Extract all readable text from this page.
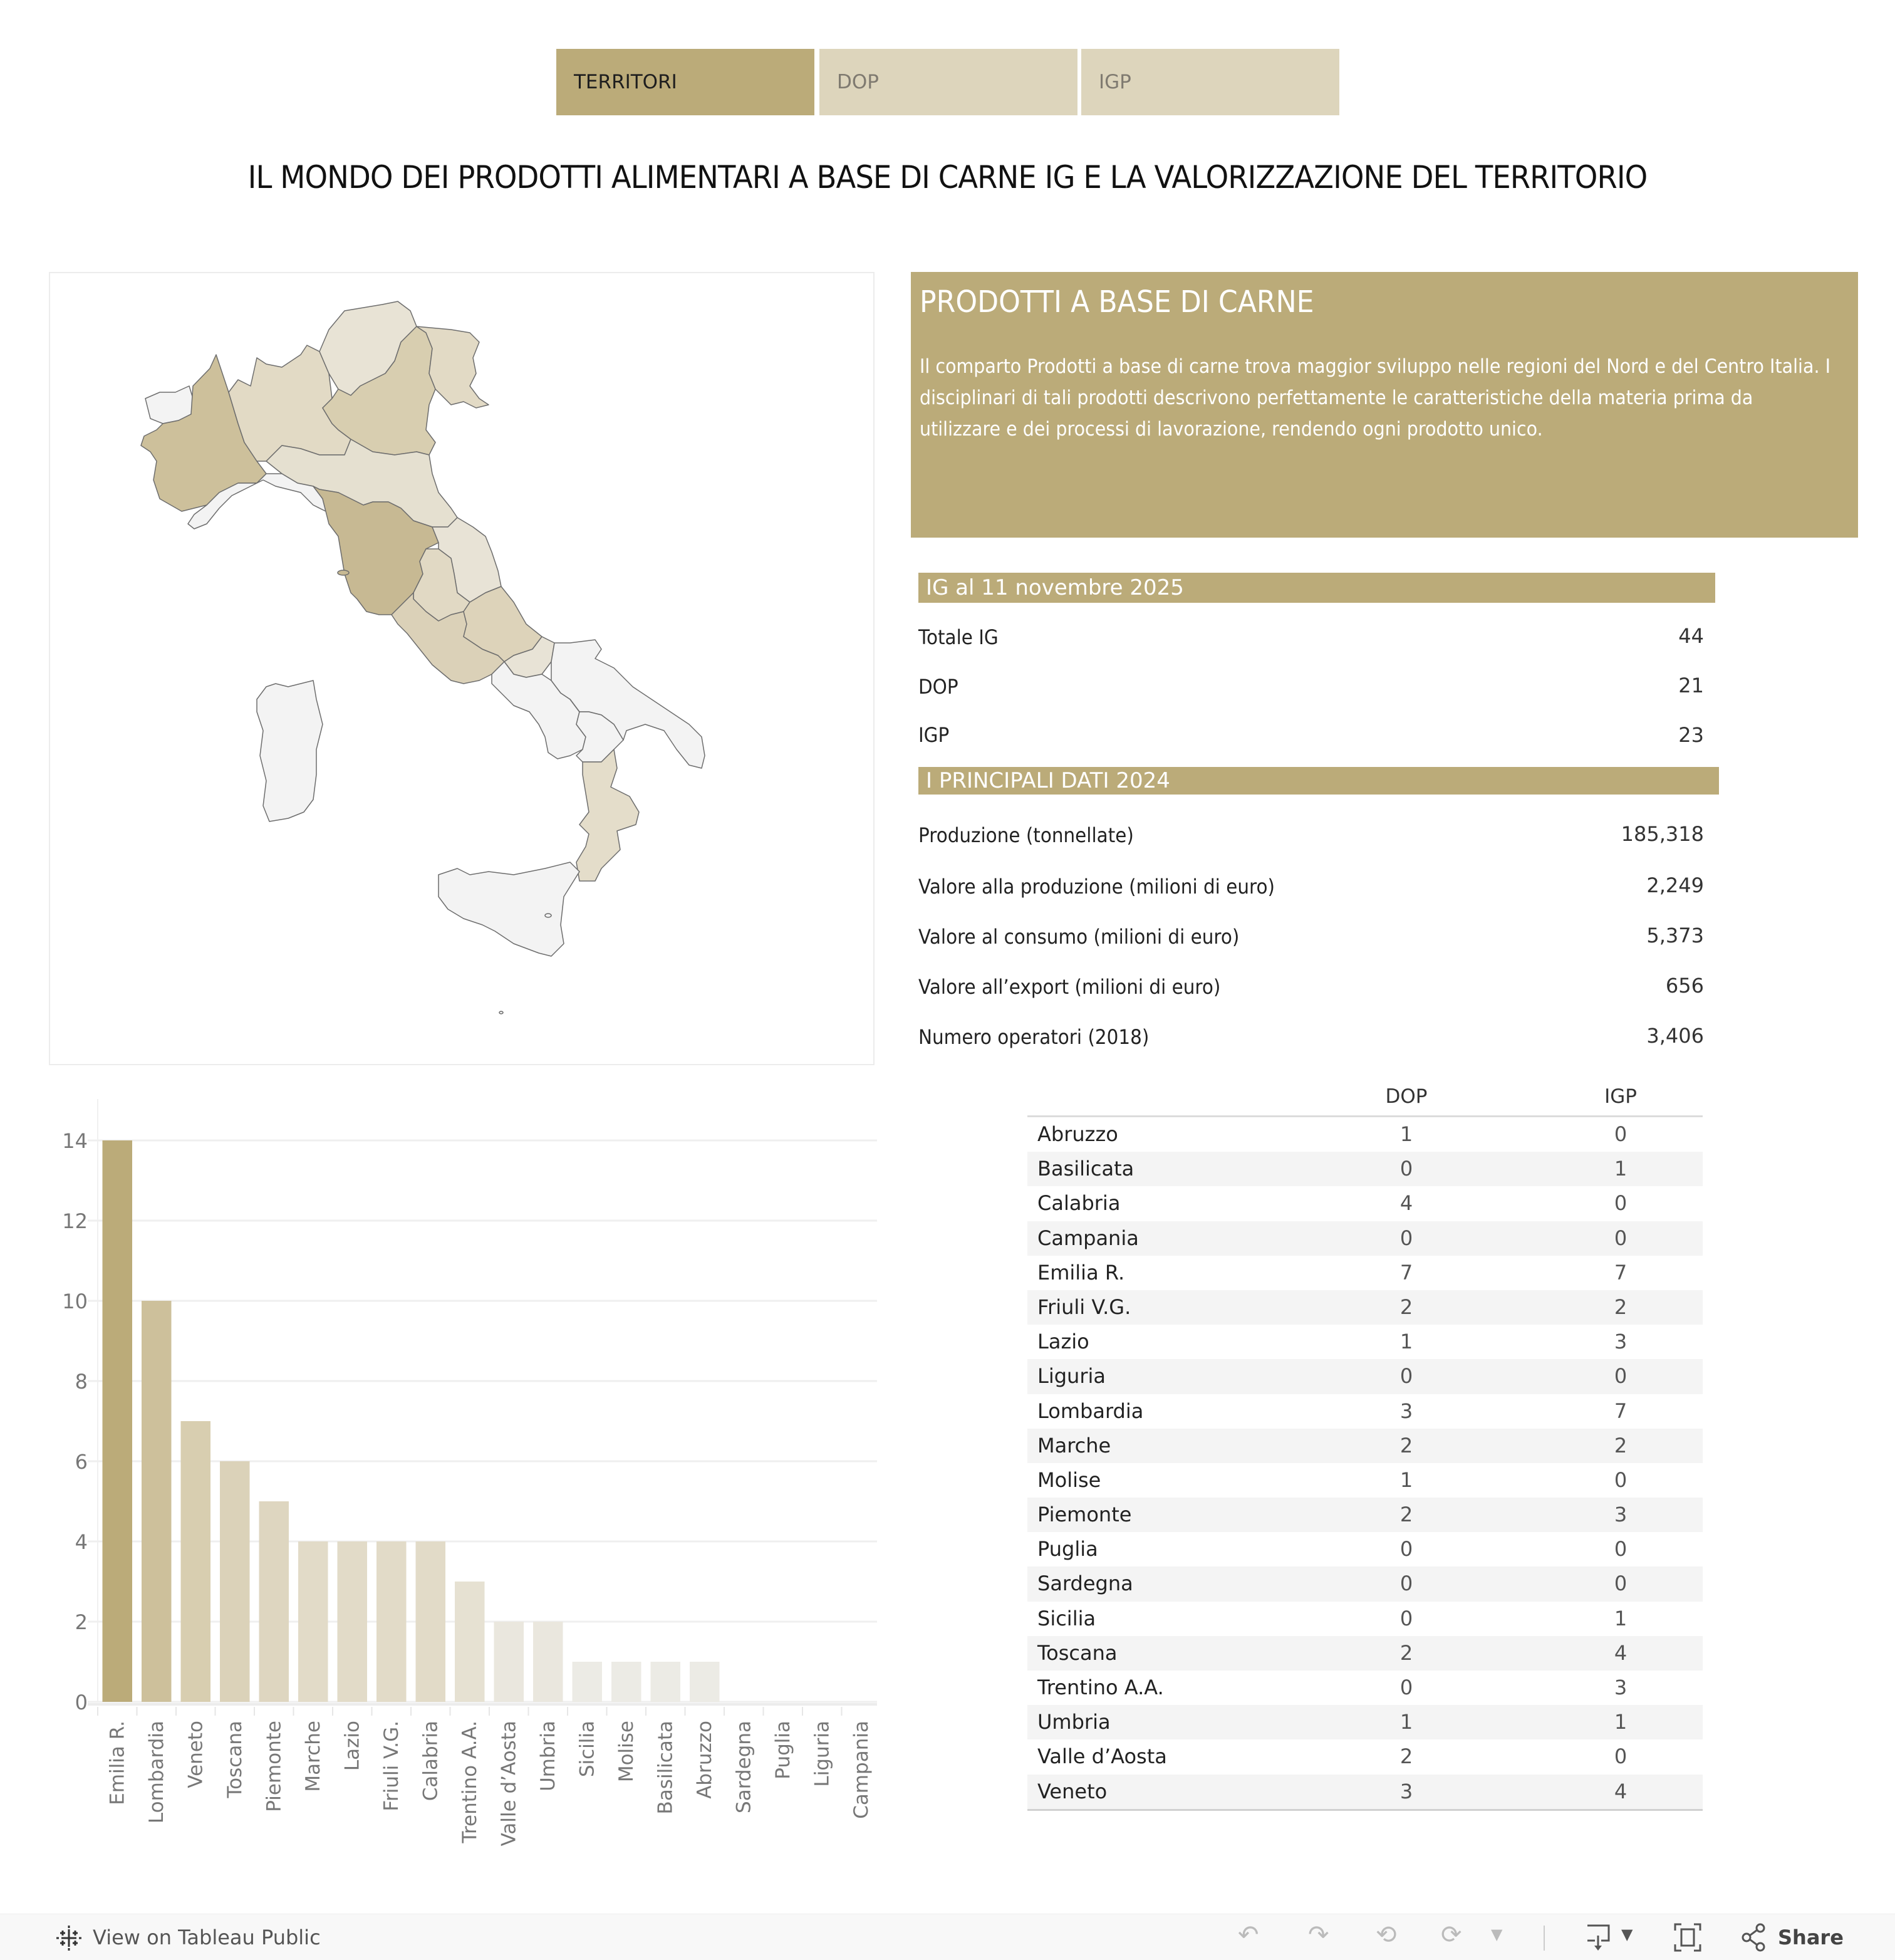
TERRITORI	DOP	IGP
IL MONDO DEI PRODOTTI ALIMENTARI A BASE DI CARNE IG E LA VALORIZZAZIONE DEL TERRITORIO
PRODOTTI A BASE DI CARNE

Il comparto Prodotti a base di carne trova maggior sviluppo nelle regioni del Nord e del Centro Italia. I disciplinari di tali prodotti descrivono perfettamente le caratteristiche della materia prima da utilizzare e dei processi di lavorazione, rendendo ogni prodotto unico.

IG al 11 novembre 2025
Totale IG	44
DOP	21
IGP	23
I PRINCIPALI DATI 2024
Produzione (tonnellate)	185,318
Valore alla produzione (milioni di euro)	2,249
Valore al consumo (milioni di euro)	5,373
Valore all’export (milioni di euro)	656
Numero operatori (2018)	3,406
DOP	IGP
Abruzzo	1	0
Basilicata	0	1
Calabria	4	0
Campania	0	0
Emilia R.	7	7
Friuli V.G.	2	2
Lazio	1	3
Liguria	0	0
Lombardia	3	7
Marche	2	2
Molise	1	0
Piemonte	2	3
Puglia	0	0
Sardegna	0	0
Sicilia	0	1
Toscana	2	4
Trentino A.A.	0	3
Umbria	1	1
Valle d’Aosta	2	0
Veneto	3	4
0
2
4
6
8
10
12
14
Emilia R. Lombardia Veneto Toscana Piemonte Marche Lazio Friuli V.G. Calabria Trentino A.A. Valle d’Aosta Umbria Sicilia Molise Basilicata Abruzzo Sardegna Puglia Liguria Campania
View on Tableau Public	↶ ↷ ⟲ ⟳ ▼	▼	Share
